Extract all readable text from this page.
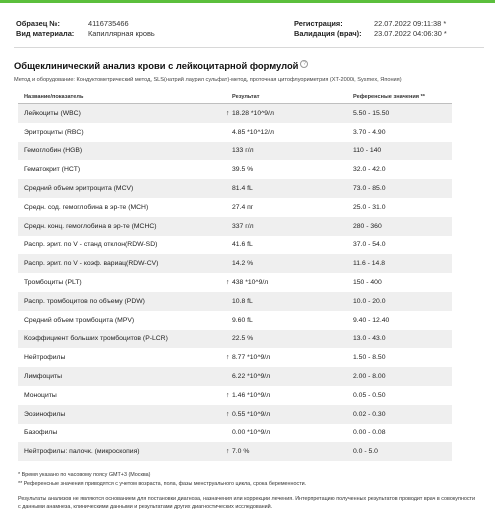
Образец №:	4116735466	Регистрация:	22.07.2022 09:11:38 *
Вид материала: Капиллярная кровь	Валидация (врач): 23.07.2022 04:06:30 *
Общеклинический анализ крови с лейкоцитарной формулой ?
Метод и оборудование: Кондуктометрический метод, SLS(натрий лаурил сульфат)-метод, проточная цитофлуориметрия (XT-2000i, Sysmex, Япония)
Название/показатель	Результат	Референсные значения **
Лейкоциты (WBC)	↑ 18.28 *10^9/л	5.50 - 15.50
Эритроциты (RBC)	4.85 *10^12/л	3.70 - 4.90
Гемоглобин (HGB)	133 г/л	110 - 140
Гематокрит (HCT)	39.5 %	32.0 - 42.0
Средний объем эритроцита (MCV)	81.4 fL	73.0 - 85.0
Средн. сод. гемоглобина в эр-те (MCH)	27.4 пг	25.0 - 31.0
Средн. конц. гемоглобина в эр-те (MCHC)	337 г/л	280 - 360
Распр. эрит. по V - станд отклон(RDW-SD)	41.6 fL	37.0 - 54.0
Распр. эрит. по V - коэф. вариац(RDW-CV)	14.2 %	11.6 - 14.8
Тромбоциты (PLT)	↑ 438 *10^9/л	150 - 400
Распр. тромбоцитов по объему (PDW)	10.8 fL	10.0 - 20.0
Средний объем тромбоцита (MPV)	9.60 fL	9.40 - 12.40
Коэффициент больших тромбоцитов (P-LCR)	22.5 %	13.0 - 43.0
Нейтрофилы	↑ 8.77 *10^9/л	1.50 - 8.50
Лимфоциты	6.22 *10^9/л	2.00 - 8.00
Моноциты	↑ 1.46 *10^9/л	0.05 - 0.50
Эозинофилы	↑ 0.55 *10^9/л	0.02 - 0.30
Базофилы	0.00 *10^9/л	0.00 - 0.08
Нейтрофилы: палочк. (микроскопия)	↑ 7.0 %	0.0 - 5.0
* Время указано по часовому поясу GMT+3 (Москва)
** Референсные значения приводятся с учетом возраста, пола, фазы менструального цикла, срока беременности.
Результаты анализов не являются основанием для постановки диагноза, назначения или коррекции лечения. Интерпретацию полученных результатов проводит врач в совокупности с данными анамнеза, клиническими данными и результатами других диагностических исследований.
